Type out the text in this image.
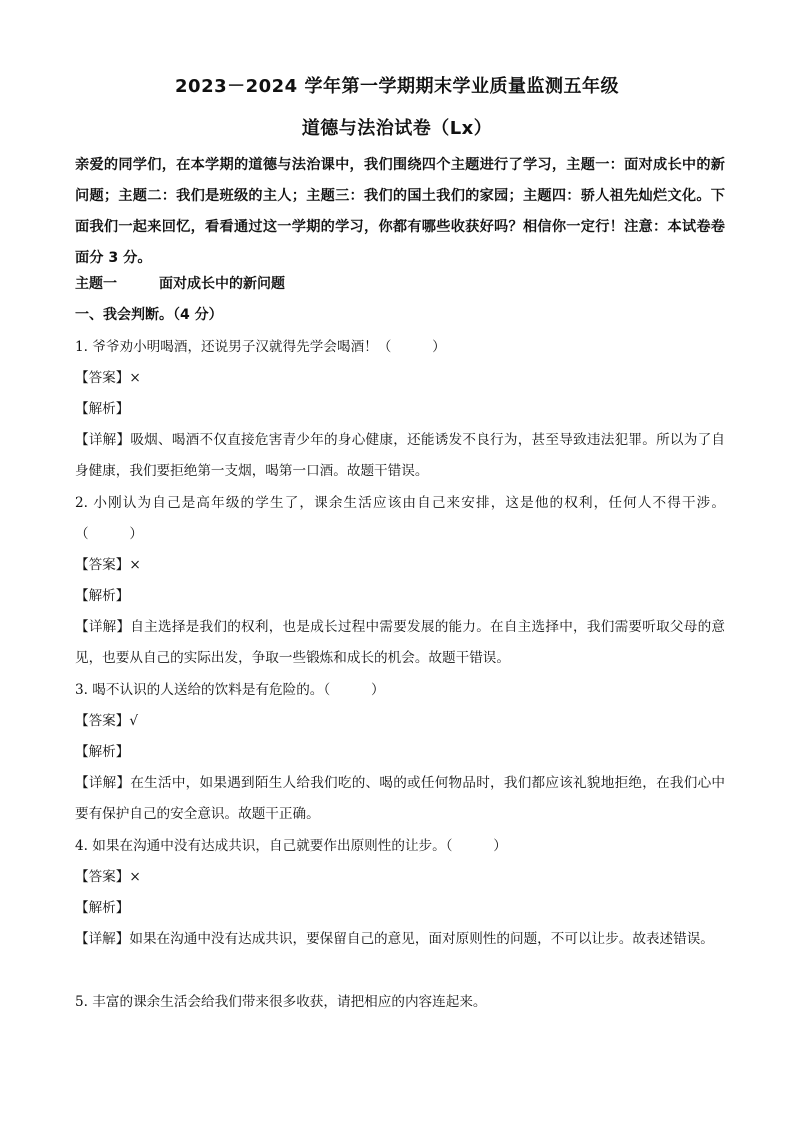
2023－2024 学年第一学期期末学业质量监测五年级
道德与法治试卷（Lx）

亲爱的同学们，在本学期的道德与法治课中，我们围绕四个主题进行了学习，主题一：面对成长中的新问题；主题二：我们是班级的主人；主题三：我们的国土我们的家园；主题四：骄人祖先灿烂文化。下面我们一起来回忆，看看通过这一学期的学习，你都有哪些收获好吗？相信你一定行！注意：本试卷卷面分 3 分。

主题一	面对成长中的新问题
一、我会判断。（4 分）
1. 爷爷劝小明喝酒，还说男子汉就得先学会喝酒！（　　　）
【答案】×
【解析】

【详解】吸烟、喝酒不仅直接危害青少年的身心健康，还能诱发不良行为，甚至导致违法犯罪。所以为了自身健康，我们要拒绝第一支烟，喝第一口酒。故题干错误。

2. 小刚认为自己是高年级的学生了，课余生活应该由自己来安排，这是他的权利，任何人不得干涉。（　　　）

【答案】×
【解析】

【详解】自主选择是我们的权利，也是成长过程中需要发展的能力。在自主选择中，我们需要听取父母的意见，也要从自己的实际出发，争取一些锻炼和成长的机会。故题干错误。

3. 喝不认识的人送给的饮料是有危险的。（　　　）
【答案】√
【解析】

【详解】在生活中，如果遇到陌生人给我们吃的、喝的或任何物品时，我们都应该礼貌地拒绝，在我们心中要有保护自己的安全意识。故题干正确。

4. 如果在沟通中没有达成共识，自己就要作出原则性的让步。（　　　）
【答案】×
【解析】

【详解】如果在沟通中没有达成共识，要保留自己的意见，面对原则性的问题，不可以让步。故表述错误。

5. 丰富的课余生活会给我们带来很多收获，请把相应的内容连起来。
